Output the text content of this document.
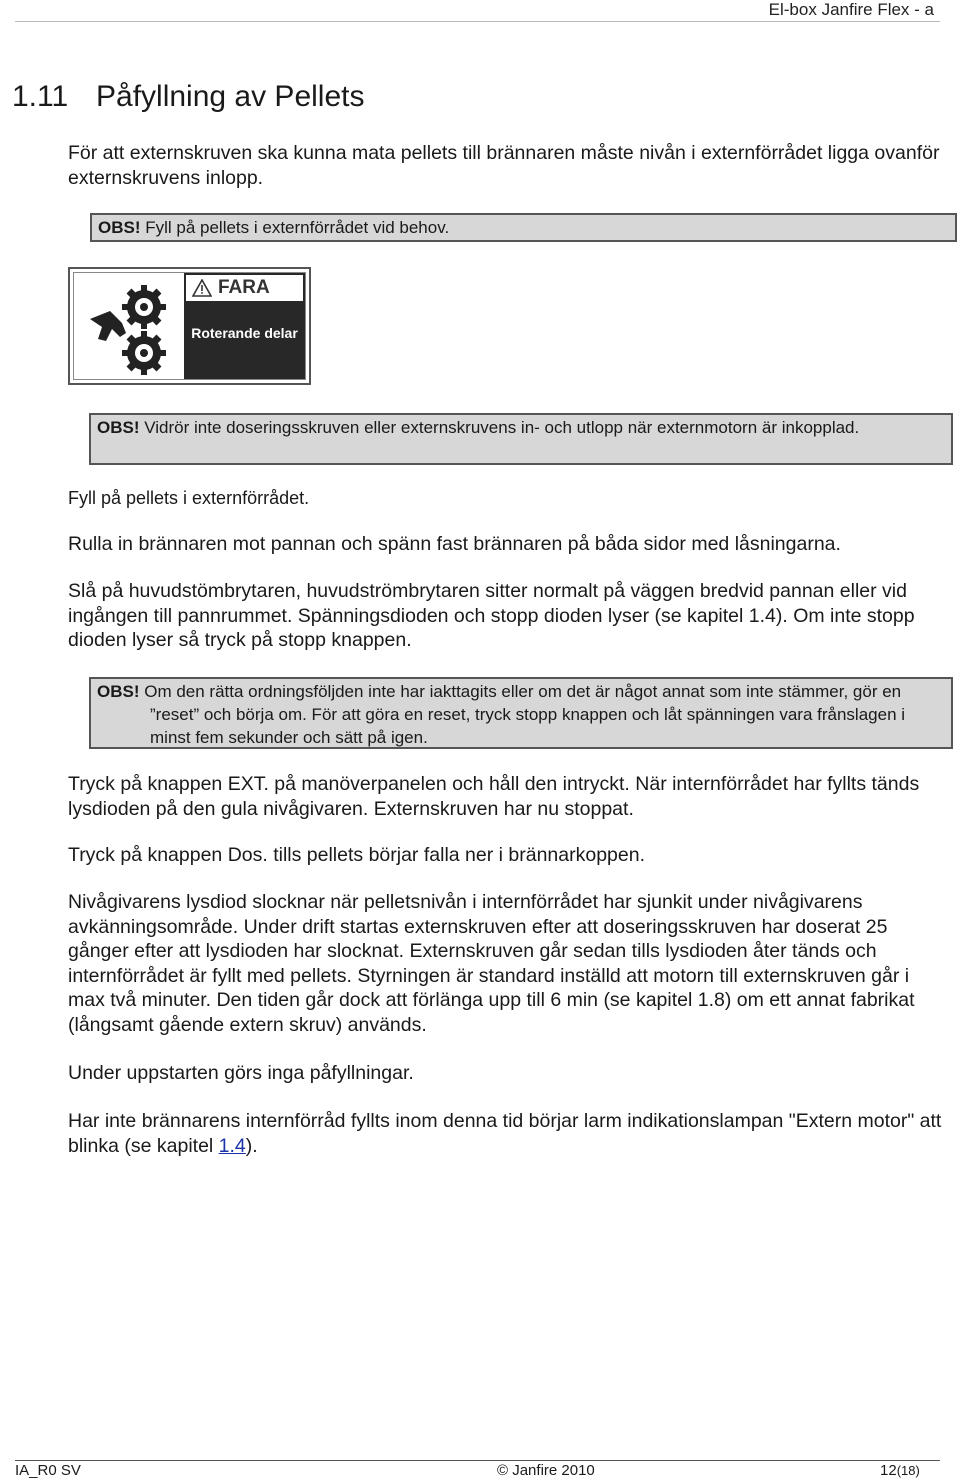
El-box Janfire Flex - a
1.11 Påfyllning av Pellets

För att externskruven ska kunna mata pellets till brännaren måste nivån i externförrådet ligga ovanför externskruvens inlopp.

OBS! Fyll på pellets i externförrådet vid behov.
FARA
Roterande delar
OBS! Vidrör inte doseringsskruven eller externskruvens in- och utlopp när externmotorn är inkopplad.

Fyll på pellets i externförrådet.

Rulla in brännaren mot pannan och spänn fast brännaren på båda sidor med låsningarna.

Slå på huvudstömbrytaren, huvudströmbrytaren sitter normalt på väggen bredvid pannan eller vid ingången till pannrummet. Spänningsdioden och stopp dioden lyser (se kapitel 1.4). Om inte stopp dioden lyser så tryck på stopp knappen.

OBS! Om den rätta ordningsföljden inte har iakttagits eller om det är något annat som inte stämmer, gör en ”reset” och börja om. För att göra en reset, tryck stopp knappen och låt spänningen vara frånslagen i minst fem sekunder och sätt på igen.

Tryck på knappen EXT. på manöverpanelen och håll den intryckt. När internförrådet har fyllts tänds lysdioden på den gula nivågivaren. Externskruven har nu stoppat.

Tryck på knappen Dos. tills pellets börjar falla ner i brännarkoppen.

Nivågivarens lysdiod slocknar när pelletsnivån i internförrådet har sjunkit under nivågivarens avkänningsområde. Under drift startas externskruven efter att doseringsskruven har doserat 25 gånger efter att lysdioden har slocknat. Externskruven går sedan tills lysdioden åter tänds och internförrådet är fyllt med pellets. Styrningen är standard inställd att motorn till externskruven går i max två minuter. Den tiden går dock att förlänga upp till 6 min (se kapitel 1.8) om ett annat fabrikat (långsamt gående extern skruv) används.

Under uppstarten görs inga påfyllningar.

Har inte brännarens internförråd fyllts inom denna tid börjar larm indikationslampan "Extern motor" att blinka (se kapitel 1.4).

IA_R0 SV	© Janfire 2010	12(18)
